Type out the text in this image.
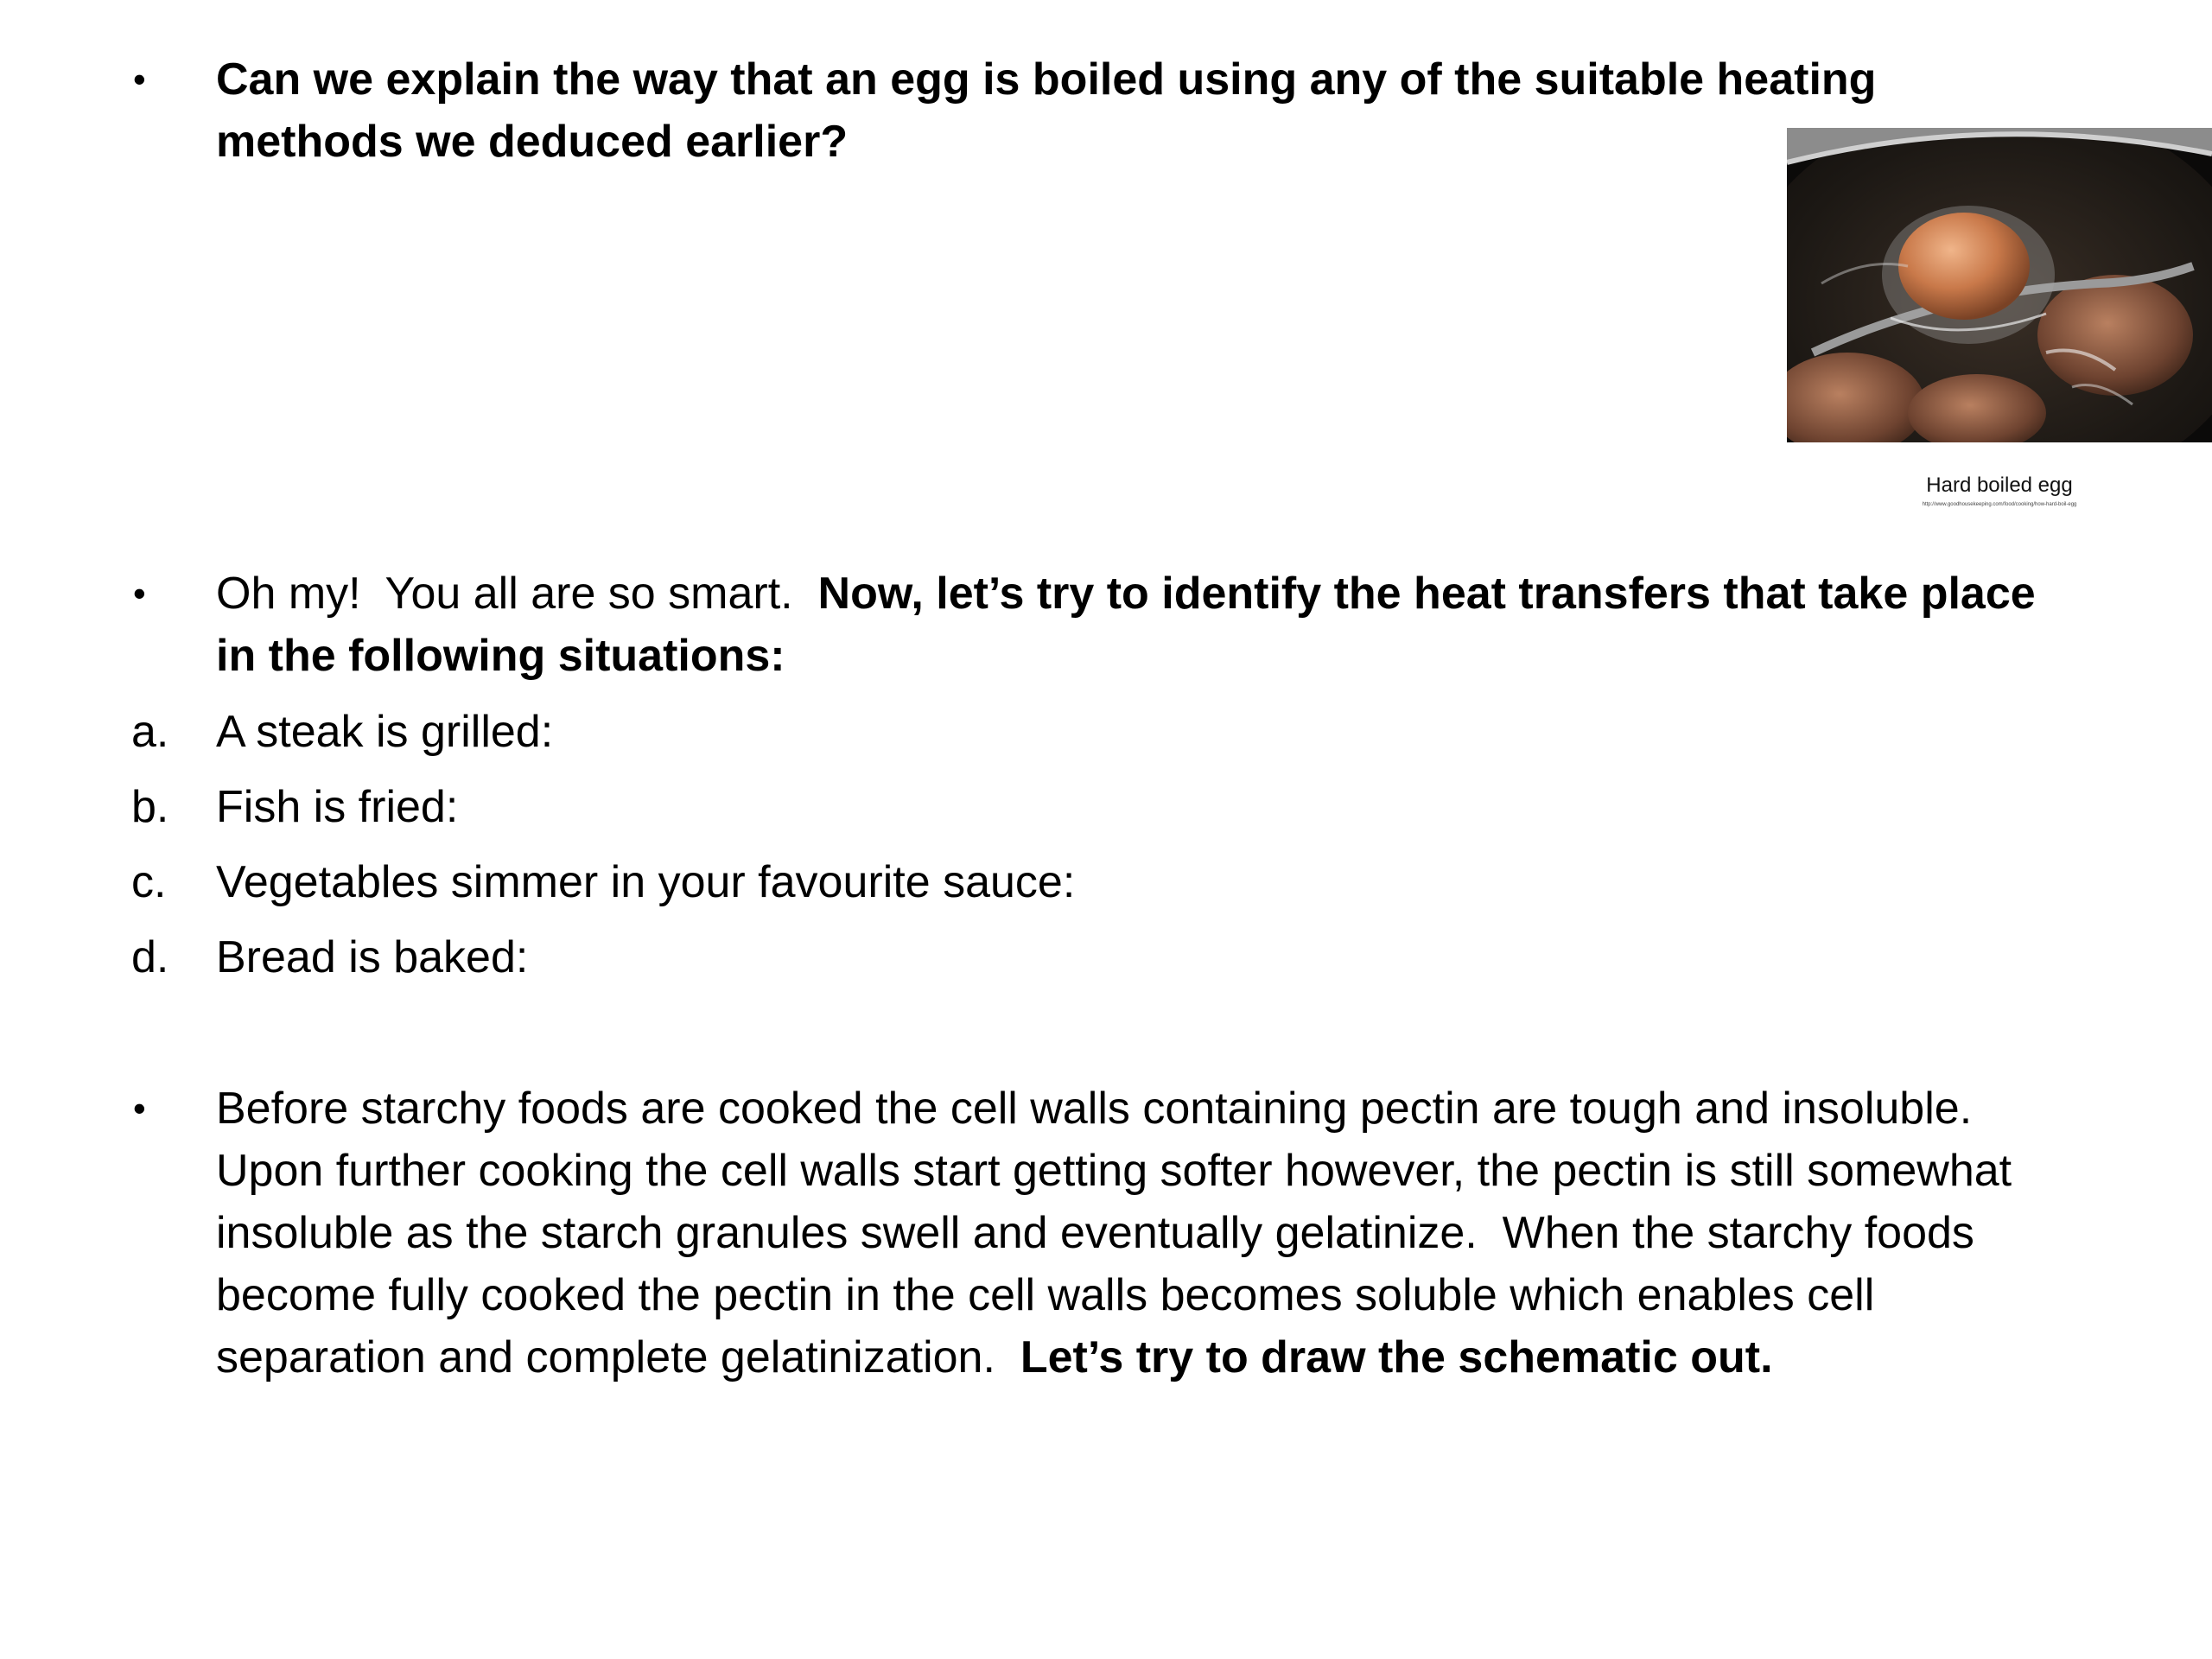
•	Can we explain the way that an egg is boiled using any of the suitable heating methods we deduced earlier?
Hard boiled egg
http://www.goodhousekeeping.com/food/cooking/how-hard-boil-egg
•	Oh my!  You all are so smart.  Now, let’s try to identify the heat transfers that take place in the following situations:
a.	A steak is grilled:
b.	Fish is fried:
c.	Vegetables simmer in your favourite sauce:
d.	Bread is baked:
•	Before starchy foods are cooked the cell walls containing pectin are tough and insoluble.  Upon further cooking the cell walls start getting softer however, the pectin is still somewhat insoluble as the starch granules swell and eventually gelatinize.  When the starchy foods become fully cooked the pectin in the cell walls becomes soluble which enables cell separation and complete gelatinization.  Let’s try to draw the schematic out.
